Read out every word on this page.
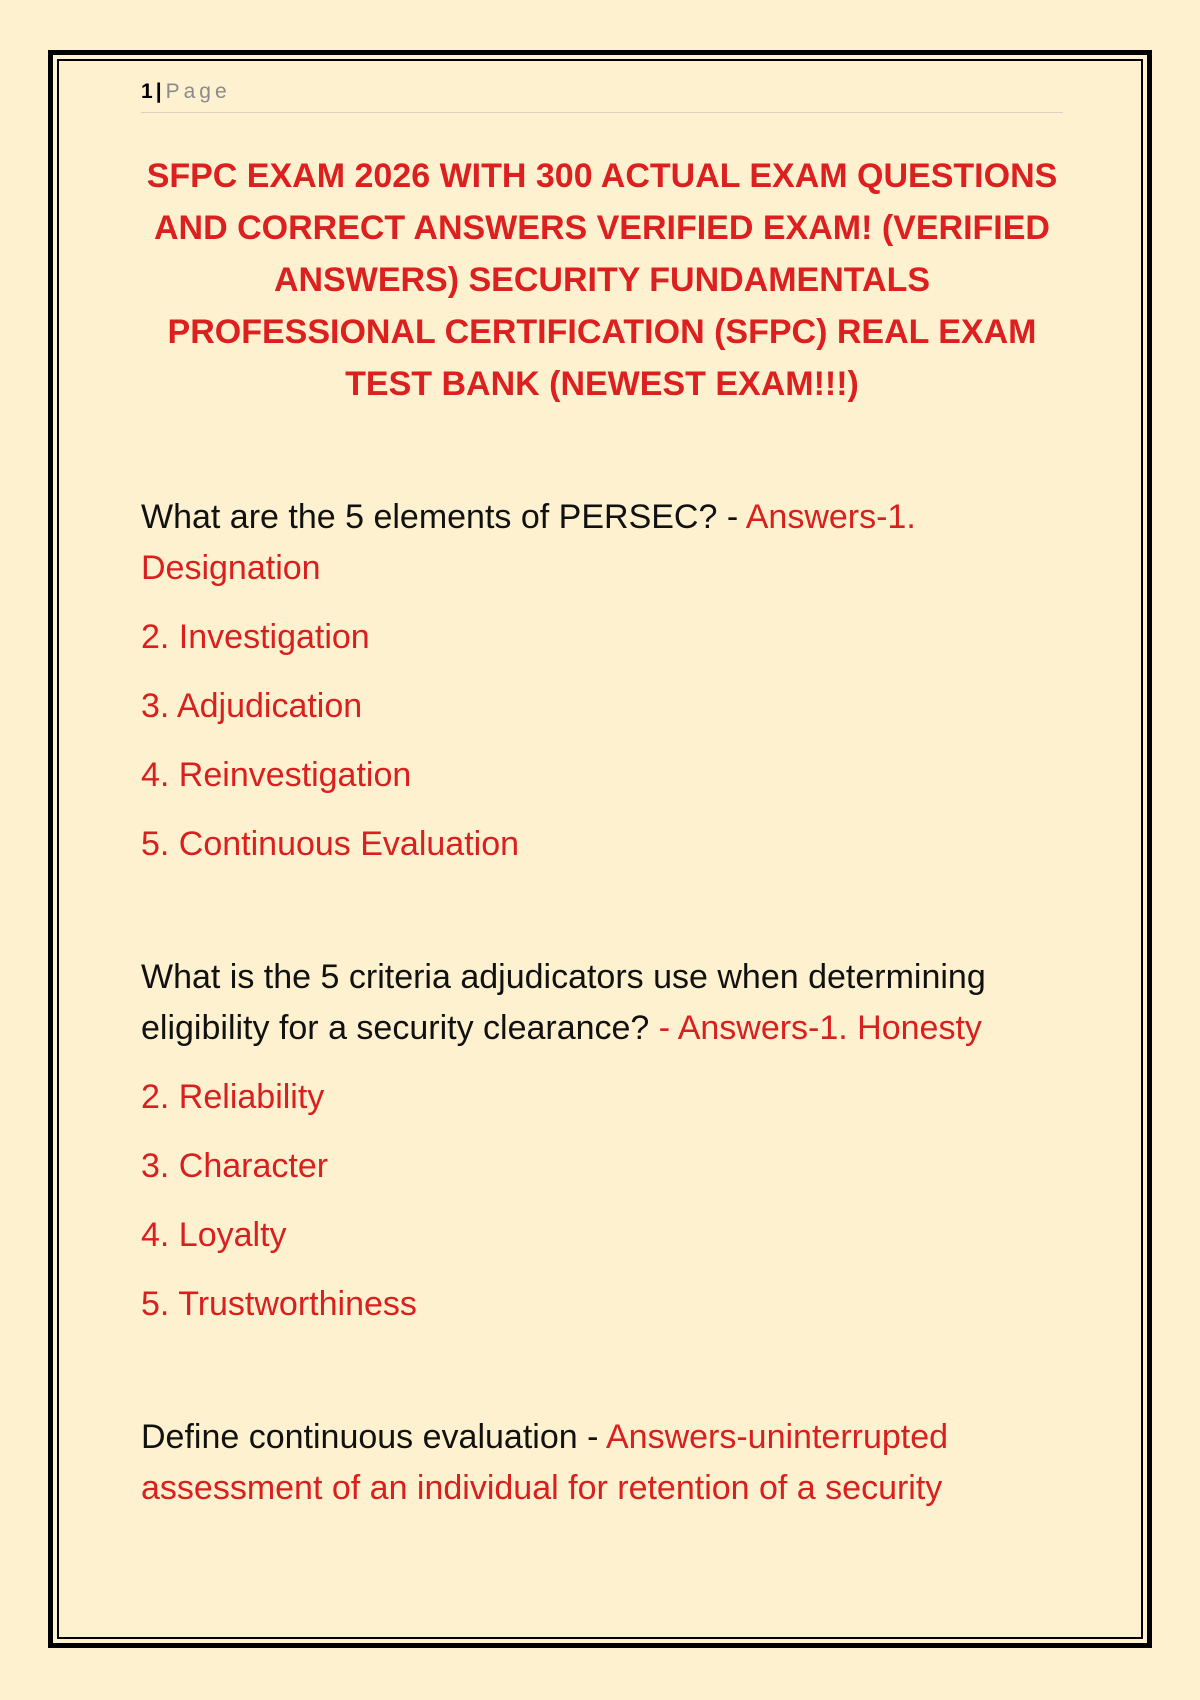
1 | Page
SFPC EXAM 2026 WITH 300 ACTUAL EXAM QUESTIONS AND CORRECT ANSWERS VERIFIED EXAM! (VERIFIED ANSWERS) SECURITY FUNDAMENTALS PROFESSIONAL CERTIFICATION (SFPC) REAL EXAM TEST BANK (NEWEST EXAM!!!)

What are the 5 elements of PERSEC? - Answers-1. Designation

2. Investigation
3. Adjudication
4. Reinvestigation
5. Continuous Evaluation

What is the 5 criteria adjudicators use when determining eligibility for a security clearance? - Answers-1. Honesty

2. Reliability
3. Character
4. Loyalty
5. Trustworthiness

Define continuous evaluation - Answers-uninterrupted assessment of an individual for retention of a security
